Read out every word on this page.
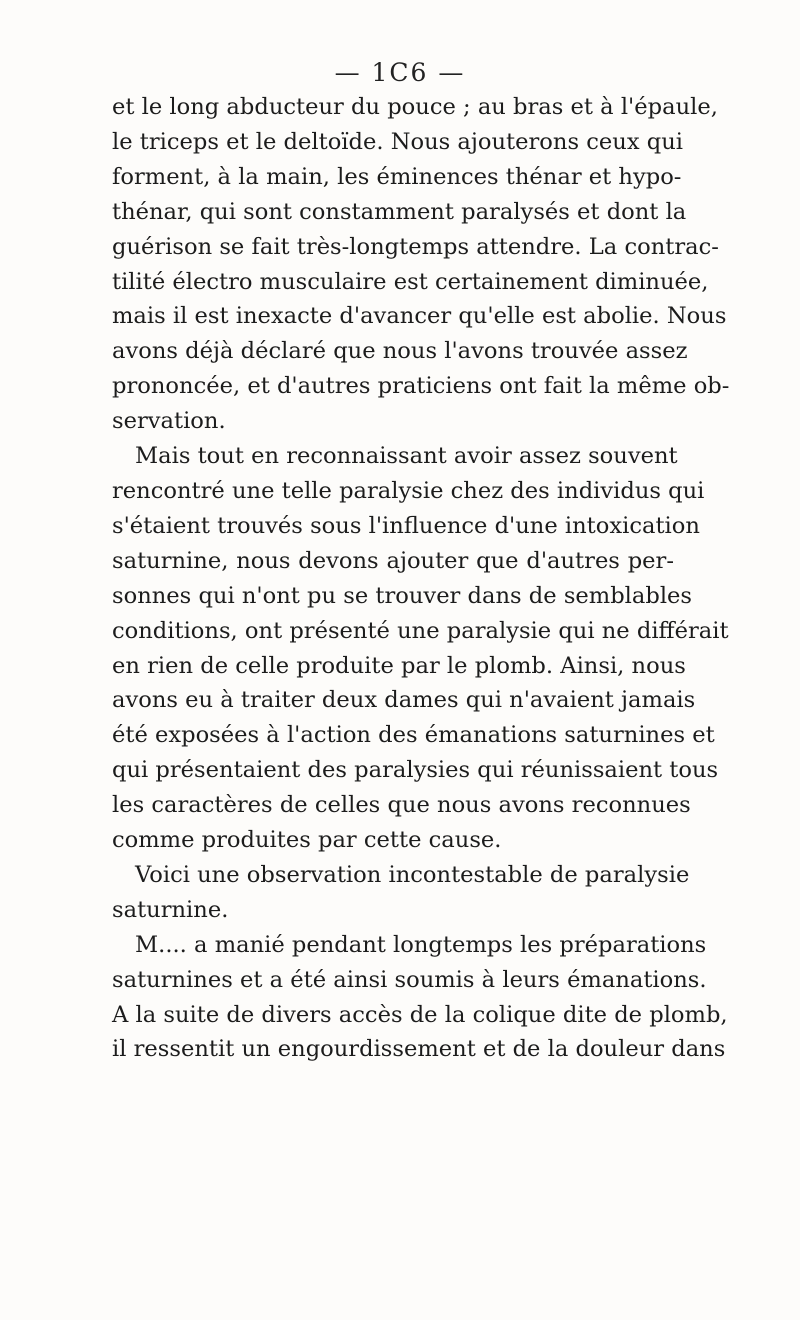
— 1C6 —
et le long abducteur du pouce ; au bras et à l'épaule,
le triceps et le deltoïde. Nous ajouterons ceux qui
forment, à la main, les éminences thénar et hypo-
thénar, qui sont constamment paralysés et dont la
guérison se fait très-longtemps attendre. La contrac-
tilité électro musculaire est certainement diminuée,
mais il est inexacte d'avancer qu'elle est abolie. Nous
avons déjà déclaré que nous l'avons trouvée assez
prononcée, et d'autres praticiens ont fait la même ob-
servation.
Mais tout en reconnaissant avoir assez souvent
rencontré une telle paralysie chez des individus qui
s'étaient trouvés sous l'influence d'une intoxication
saturnine, nous devons ajouter que d'autres per-
sonnes qui n'ont pu se trouver dans de semblables
conditions, ont présenté une paralysie qui ne différait
en rien de celle produite par le plomb. Ainsi, nous
avons eu à traiter deux dames qui n'avaient jamais
été exposées à l'action des émanations saturnines et
qui présentaient des paralysies qui réunissaient tous
les caractères de celles que nous avons reconnues
comme produites par cette cause.
Voici une observation incontestable de paralysie
saturnine.
M.... a manié pendant longtemps les préparations
saturnines et a été ainsi soumis à leurs émanations.
A la suite de divers accès de la colique dite de plomb,
il ressentit un engourdissement et de la douleur dans
